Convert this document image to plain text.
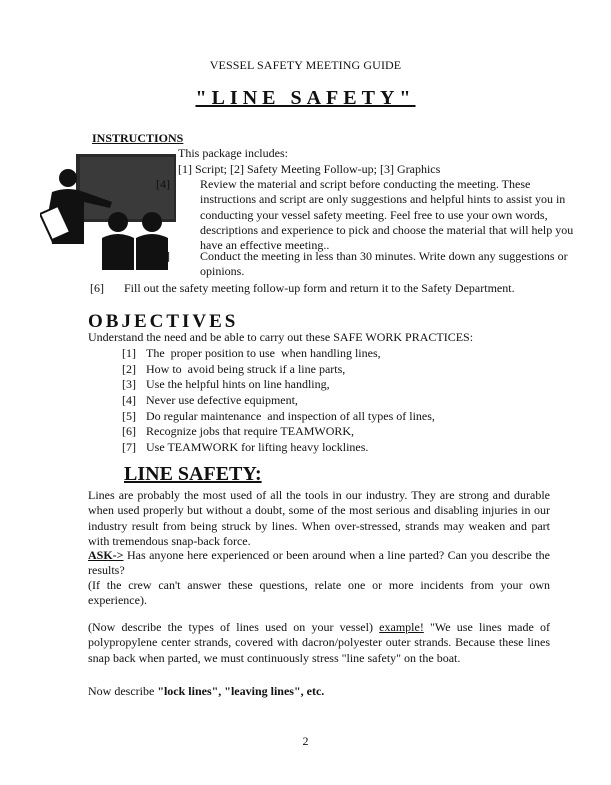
VESSEL SAFETY MEETING GUIDE
"LINE SAFETY"
INSTRUCTIONS
This package includes:
[1] Script; [2] Safety Meeting Follow-up; [3] Graphics
[4]	Review the material and script before conducting the meeting. These instructions and script are only suggestions and helpful hints to assist you in conducting your vessel safety meeting. Feel free to use your own words, descriptions and experience to pick and choose the material that will help you have an effective meeting..
[5]	Conduct the meeting in less than 30 minutes. Write down any suggestions or opinions.
[6] Fill out the safety meeting follow-up form and return it to the Safety Department.
OBJECTIVES
Understand the need and be able to carry out these SAFE WORK PRACTICES:
[1] The  proper position to use  when handling lines,
[2] How to  avoid being struck if a line parts,
[3] Use the helpful hints on line handling,
[4] Never use defective equipment,
[5] Do regular maintenance  and inspection of all types of lines,
[6] Recognize jobs that require TEAMWORK,
[7] Use TEAMWORK for lifting heavy locklines.
LINE SAFETY:
Lines are probably the most used of all the tools in our industry. They are strong and durable when used properly but without a doubt, some of the most serious and disabling injuries in our industry result from being struck by lines. When over-stressed, strands may weaken and part with tremendous snap-back force.
ASK-> Has anyone here experienced or been around when a line parted? Can you describe the results?
(If the crew can't answer these questions, relate one or more incidents from your own experience).
(Now describe the types of lines used on your vessel) example! "We use lines made of polypropylene center strands, covered with dacron/polyester outer strands. Because these lines snap back when parted, we must continuously stress "line safety" on the boat.
Now describe "lock lines", "leaving lines", etc.
2
